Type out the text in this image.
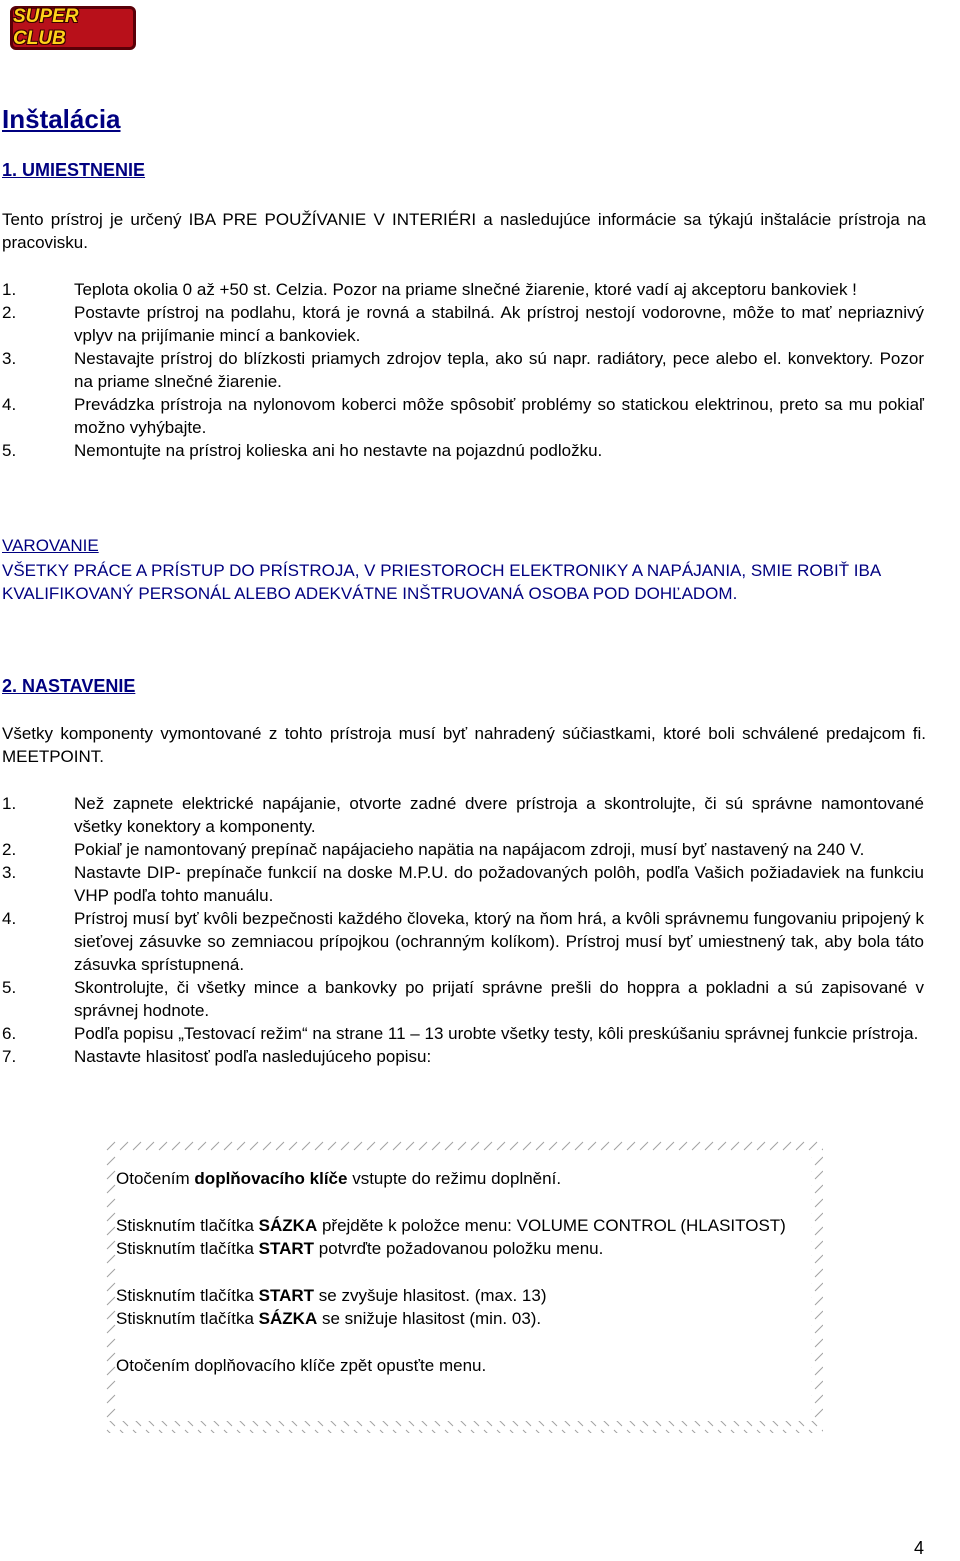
SUPER CLUB
Inštalácia
1. UMIESTNENIE

Tento prístroj je určený IBA PRE POUŽÍVANIE V INTERIÉRI a nasledujúce informácie sa týkajú inštalácie prístroja na pracovisku.

1.	Teplota okolia 0 až +50 st. Celzia. Pozor na priame slnečné žiarenie, ktoré vadí aj akceptoru bankoviek !
2.	Postavte prístroj na podlahu, ktorá je rovná a stabilná. Ak prístroj nestojí vodorovne, môže to mať nepriaznivý vplyv na prijímanie mincí a bankoviek.
3.	Nestavajte prístroj do blízkosti priamych zdrojov tepla, ako sú napr. radiátory, pece alebo el. konvektory. Pozor na priame slnečné žiarenie.
4.	Prevádzka prístroja na nylonovom koberci môže spôsobiť problémy so statickou elektrinou, preto sa mu pokiaľ možno vyhýbajte.
5.	Nemontujte na prístroj kolieska ani ho nestavte na pojazdnú podložku.

VAROVANIE

VŠETKY PRÁCE A PRÍSTUP DO PRÍSTROJA, V PRIESTOROCH ELEKTRONIKY A NAPÁJANIA, SMIE ROBIŤ IBA KVALIFIKOVANÝ PERSONÁL ALEBO ADEKVÁTNE INŠTRUOVANÁ OSOBA POD DOHĽADOM.

2. NASTAVENIE

Všetky komponenty vymontované z tohto prístroja musí byť nahradený súčiastkami, ktoré boli schválené predajcom fi. MEETPOINT.

1.	Než zapnete elektrické napájanie, otvorte zadné dvere prístroja a skontrolujte, či sú správne namontované všetky konektory a komponenty.
2.	Pokiaľ je namontovaný prepínač napájacieho napätia na napájacom zdroji, musí byť nastavený na 240 V.
3.	Nastavte DIP- prepínače funkcií na doske M.P.U. do požadovaných polôh, podľa Vašich požiadaviek na funkciu VHP podľa tohto manuálu.
4.	Prístroj musí byť kvôli bezpečnosti každého človeka, ktorý na ňom hrá, a kvôli správnemu fungovaniu pripojený k sieťovej zásuvke so zemniacou prípojkou (ochranným kolíkom). Prístroj musí byť umiestnený tak, aby bola táto zásuvka sprístupnená.
5.	Skontrolujte, či všetky mince a bankovky po prijatí správne prešli do hoppra a pokladni a sú zapisované v správnej hodnote.
6.	Podľa popisu „Testovací režim“ na strane 11 – 13 urobte všetky testy, kôli preskúšaniu správnej funkcie prístroja.
7.	Nastavte hlasitosť podľa nasledujúceho popisu:

Otočením doplňovacího klíče vstupte do režimu doplnění.

Stisknutím tlačítka SÁZKA přejděte k položce menu: VOLUME CONTROL (HLASITOST)

Stisknutím tlačítka START potvrďte požadovanou položku menu.

Stisknutím tlačítka START se zvyšuje hlasitost. (max. 13)

Stisknutím tlačítka SÁZKA se snižuje hlasitost (min. 03).

Otočením doplňovacího klíče zpět opusťte menu.

4
